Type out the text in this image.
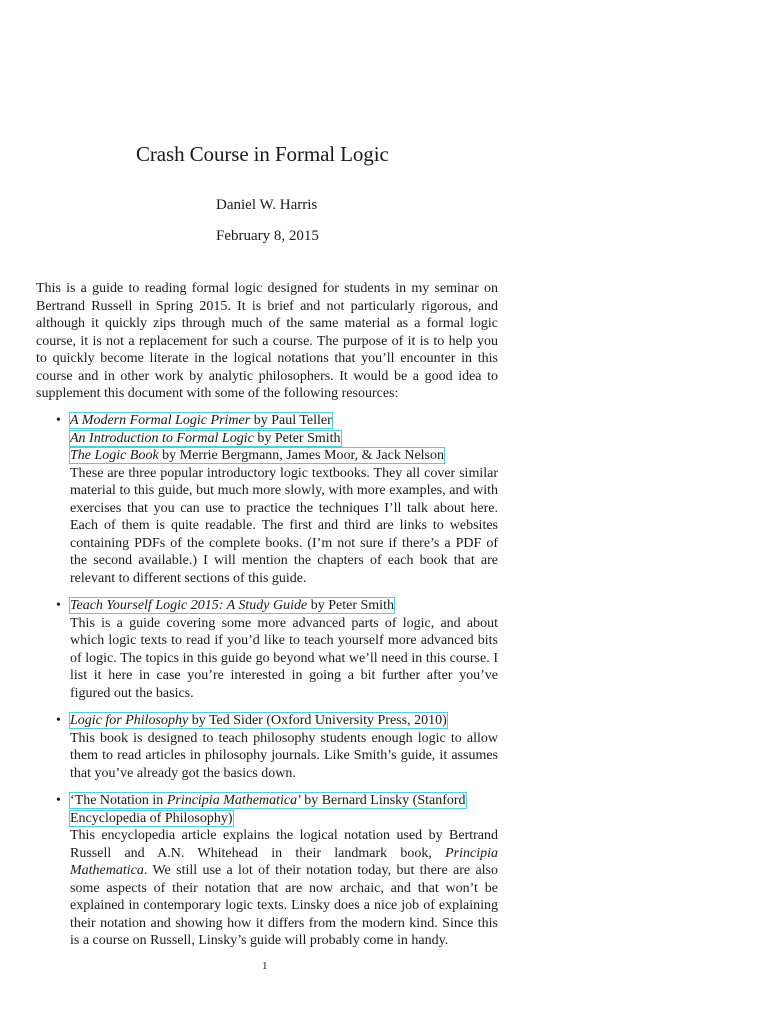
Crash Course in Formal Logic
Daniel W. Harris
February 8, 2015

This is a guide to reading formal logic designed for students in my seminar on Bertrand Russell in Spring 2015. It is brief and not particularly rigorous, and although it quickly zips through much of the same material as a formal logic course, it is not a replacement for such a course. The purpose of it is to help you to quickly become literate in the logical notations that you’ll encounter in this course and in other work by analytic philosophers. It would be a good idea to supplement this document with some of the following resources:

• A Modern Formal Logic Primer by Paul Teller
An Introduction to Formal Logic by Peter Smith
The Logic Book by Merrie Bergmann, James Moor, & Jack Nelson
These are three popular introductory logic textbooks. They all cover similar material to this guide, but much more slowly, with more examples, and with exercises that you can use to practice the techniques I’ll talk about here. Each of them is quite readable. The first and third are links to websites containing PDFs of the complete books. (I’m not sure if there’s a PDF of the second available.) I will mention the chapters of each book that are relevant to different sections of this guide.
• Teach Yourself Logic 2015: A Study Guide by Peter Smith
This is a guide covering some more advanced parts of logic, and about which logic texts to read if you’d like to teach yourself more advanced bits of logic. The topics in this guide go beyond what we’ll need in this course. I list it here in case you’re interested in going a bit further after you’ve figured out the basics.
• Logic for Philosophy by Ted Sider (Oxford University Press, 2010)
This book is designed to teach philosophy students enough logic to allow them to read articles in philosophy journals. Like Smith’s guide, it assumes that you’ve already got the basics down.
• ‘The Notation in Principia Mathematica’ by Bernard Linsky (Stanford Encyclopedia of Philosophy)
This encyclopedia article explains the logical notation used by Bertrand Russell and A.N. Whitehead in their landmark book, Principia Mathematica. We still use a lot of their notation today, but there are also some aspects of their notation that are now archaic, and that won’t be explained in contemporary logic texts. Linsky does a nice job of explaining their notation and showing how it differs from the modern kind. Since this is a course on Russell, Linsky’s guide will probably come in handy.
1
